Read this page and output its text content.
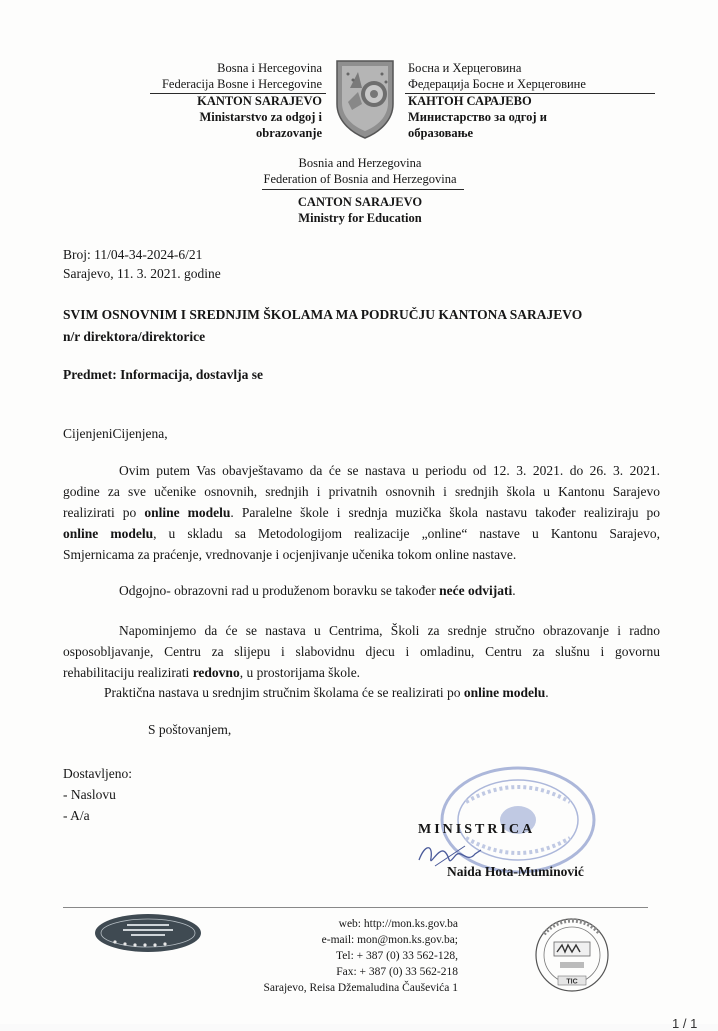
Bosna i Hercegovina
Federacija Bosne i Hercegovine
KANTON SARAJEVO
Ministarstvo za odgoj i
obrazovanje
Босна и Херцеговина
Федерација Босне и Херцеговине
КАНТОН САРАЈЕВО
Министарство за одгој и
образовање
Bosnia and Herzegovina
Federation of Bosnia and Herzegovina
CANTON SARAJEVO
Ministry for Education
Broj: 11/04-34-2024-6/21
Sarajevo, 11. 3. 2021. godine
SVIM OSNOVNIM I SREDNJIM ŠKOLAMA MA PODRUČJU KANTONA SARAJEVO
n/r direktora/direktorice
Predmet: Informacija, dostavlja se
CijenjeniCijenjena,
Ovim putem Vas obavještavamo da će se nastava u periodu od 12. 3. 2021. do 26. 3. 2021.
godine za sve učenike osnovnih, srednjih i privatnih osnovnih i srednjih škola u Kantonu Sarajevo
realizirati po online modelu. Paralelne škole i srednja muzička škola nastavu također realiziraju po
online modelu, u skladu sa Metodologijom realizacije „online“ nastave u Kantonu Sarajevo,
Smjernicama za praćenje, vrednovanje i ocjenjivanje učenika tokom online nastave.
Odgojno- obrazovni rad u produženom boravku se također neće odvijati.
Napominjemo da će se nastava u Centrima, Školi za srednje stručno obrazovanje i radno
osposobljavanje, Centru za slijepu i slabovidnu djecu i omladinu, Centru za slušnu i govornu
rehabilitaciju realizirati redovno, u prostorijama škole.
Praktična nastava u srednjim stručnim školama će se realizirati po online modelu.
S poštovanjem,
Dostavljeno:
- Naslovu
- A/a
MINISTRICA
Naida Hota-Muminović
web: http://mon.ks.gov.ba
e-mail: mon@mon.ks.gov.ba;
Tel: + 387 (0) 33 562-128,
Fax: + 387 (0) 33 562-218
Sarajevo, Reisa Džemaludina Čauševića 1	TIC
1 / 1
